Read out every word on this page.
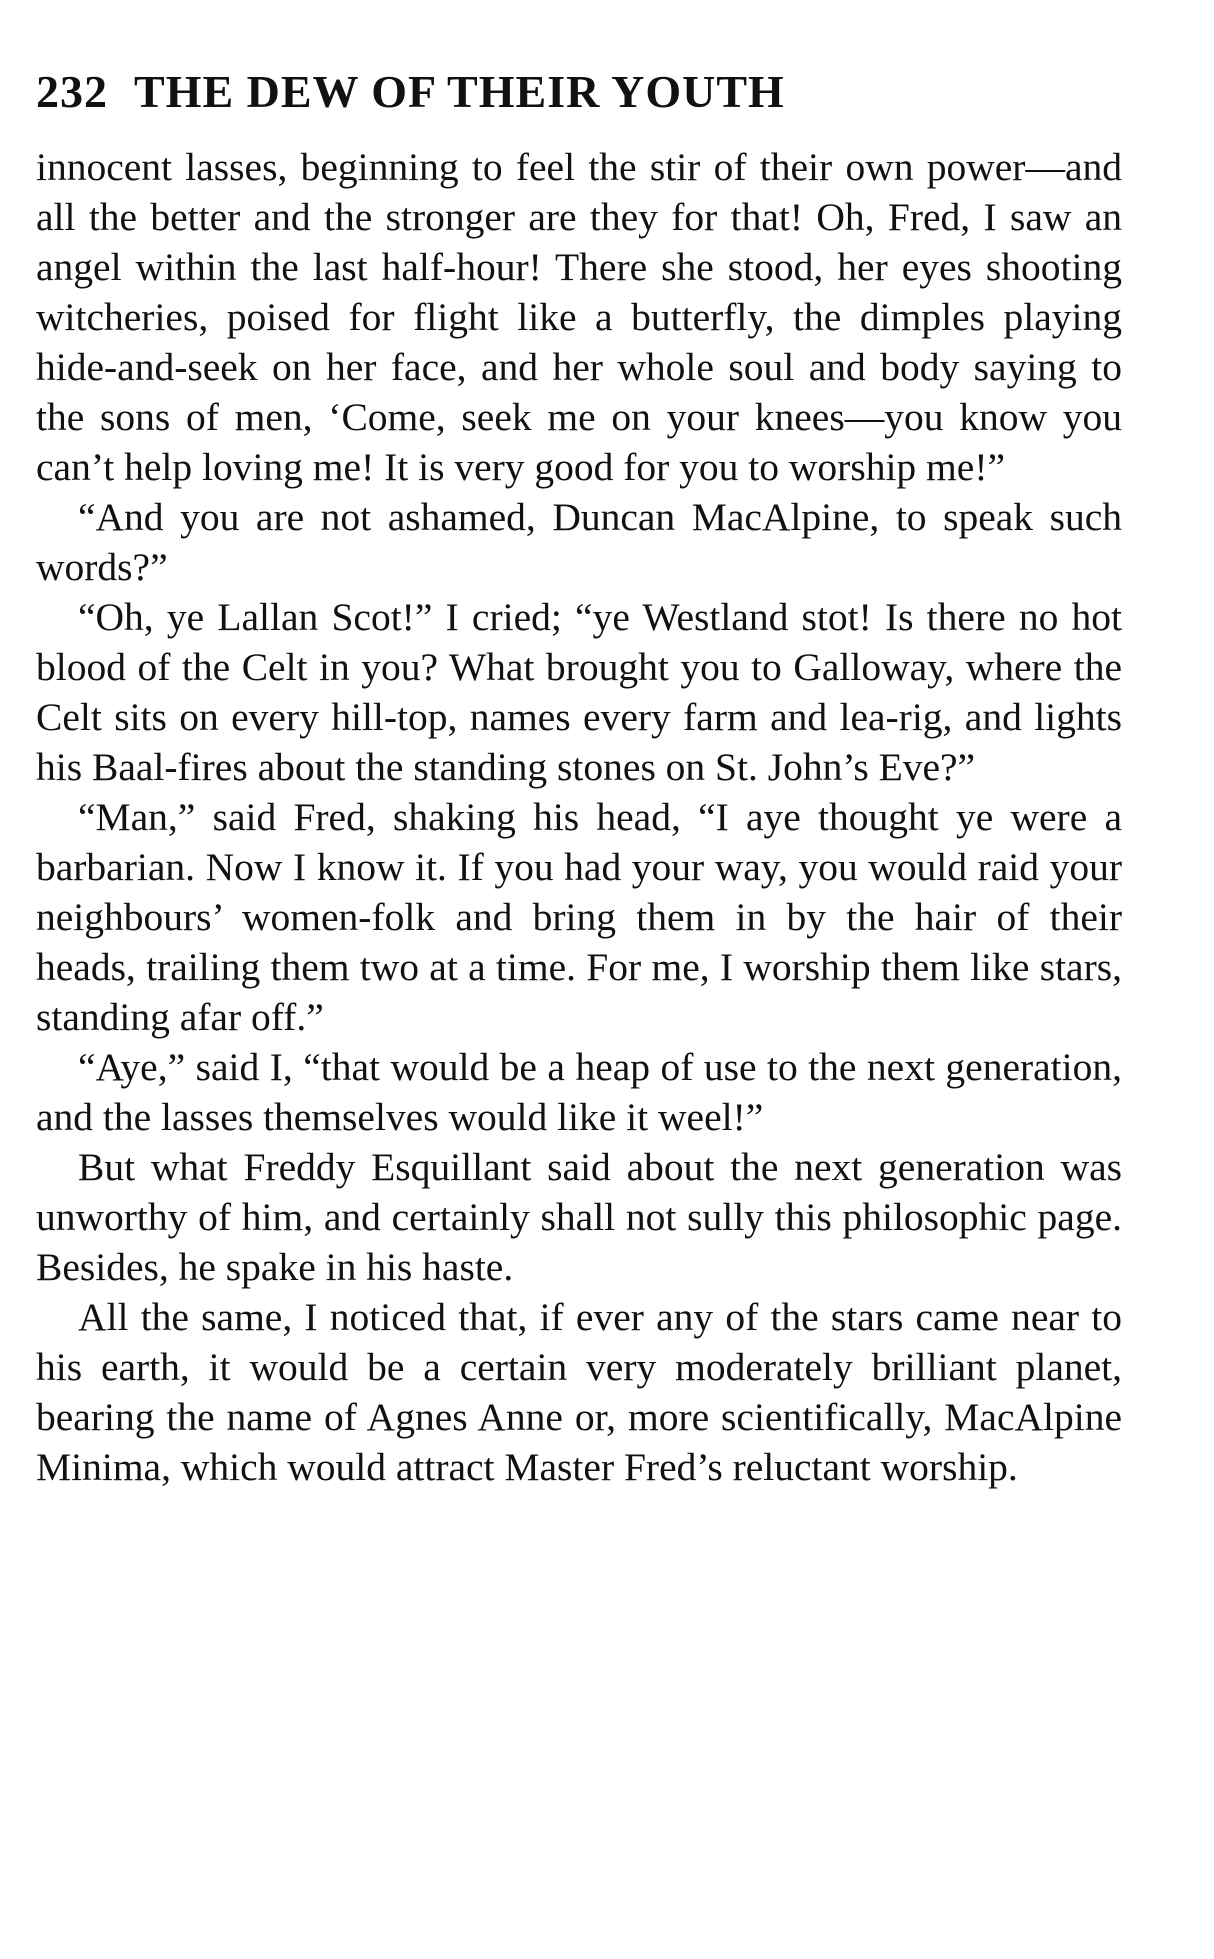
232 THE DEW OF THEIR YOUTH

innocent lasses, beginning to feel the stir of their own power—and all the better and the stronger are they for that! Oh, Fred, I saw an angel within the last half-hour! There she stood, her eyes shooting witcheries, poised for flight like a butterfly, the dimples playing hide-and-seek on her face, and her whole soul and body saying to the sons of men, ‘Come, seek me on your knees—you know you can’t help loving me! It is very good for you to worship me!”

“And you are not ashamed, Duncan MacAlpine, to speak such words?”

“Oh, ye Lallan Scot!” I cried; “ye Westland stot! Is there no hot blood of the Celt in you? What brought you to Galloway, where the Celt sits on every hill-top, names every farm and lea-rig, and lights his Baal-fires about the standing stones on St. John’s Eve?”

“Man,” said Fred, shaking his head, “I aye thought ye were a barbarian. Now I know it. If you had your way, you would raid your neighbours’ women-folk and bring them in by the hair of their heads, trailing them two at a time. For me, I worship them like stars, standing afar off.”

“Aye,” said I, “that would be a heap of use to the next generation, and the lasses themselves would like it weel!”

But what Freddy Esquillant said about the next generation was unworthy of him, and certainly shall not sully this philosophic page. Besides, he spake in his haste.

All the same, I noticed that, if ever any of the stars came near to his earth, it would be a certain very moderately brilliant planet, bearing the name of Agnes Anne or, more scientifically, MacAlpine Minima, which would attract Master Fred’s reluctant worship.
